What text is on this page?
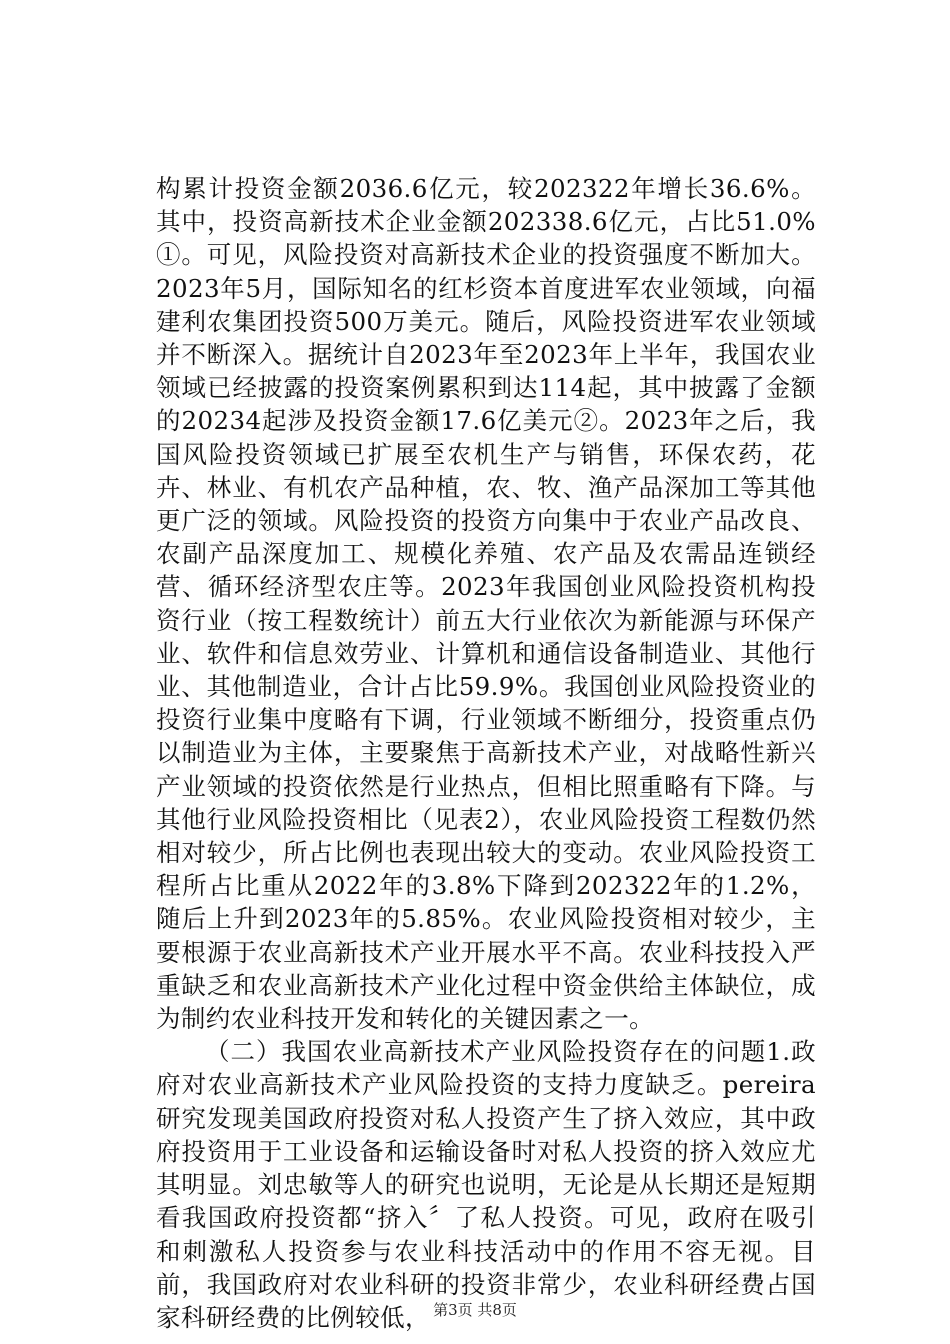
构累计投资金额2036.6亿元，较202322年增长36.6%。其中，投资高新技术企业金额202338.6亿元，占比51.0%①。可见，风险投资对高新技术企业的投资强度不断加大。2023年5月，国际知名的红杉资本首度进军农业领域，向福建利农集团投资500万美元。随后，风险投资进军农业领域并不断深入。据统计自2023年至2023年上半年，我国农业领域已经披露的投资案例累积到达114起，其中披露了金额的20234起涉及投资金额17.6亿美元②。2023年之后，我国风险投资领域已扩展至农机生产与销售，环保农药，花卉、林业、有机农产品种植，农、牧、渔产品深加工等其他更广泛的领域。风险投资的投资方向集中于农业产品改良、农副产品深度加工、规模化养殖、农产品及农需品连锁经营、循环经济型农庄等。2023年我国创业风险投资机构投资行业（按工程数统计）前五大行业依次为新能源与环保产业、软件和信息效劳业、计算机和通信设备制造业、其他行业、其他制造业，合计占比59.9%。我国创业风险投资业的投资行业集中度略有下调，行业领域不断细分，投资重点仍以制造业为主体，主要聚焦于高新技术产业，对战略性新兴产业领域的投资依然是行业热点，但相比照重略有下降。与其他行业风险投资相比（见表2），农业风险投资工程数仍然相对较少，所占比例也表现出较大的变动。农业风险投资工程所占比重从2022年的3.8%下降到202322年的1.2%，随后上升到2023年的5.85%。农业风险投资相对较少，主要根源于农业高新技术产业开展水平不高。农业科技投入严重缺乏和农业高新技术产业化过程中资金供给主体缺位，成为制约农业科技开发和转化的关键因素之一。

（二）我国农业高新技术产业风险投资存在的问题1.政府对农业高新技术产业风险投资的支持力度缺乏。pereira研究发现美国政府投资对私人投资产生了挤入效应，其中政府投资用于工业设备和运输设备时对私人投资的挤入效应尤其明显。刘忠敏等人的研究也说明，无论是从长期还是短期看我国政府投资都“挤入〞了私人投资。可见，政府在吸引和刺激私人投资参与农业科技活动中的作用不容无视。目前，我国政府对农业科研的投资非常少，农业科研经费占国家科研经费的比例较低， 第3页 共8页
